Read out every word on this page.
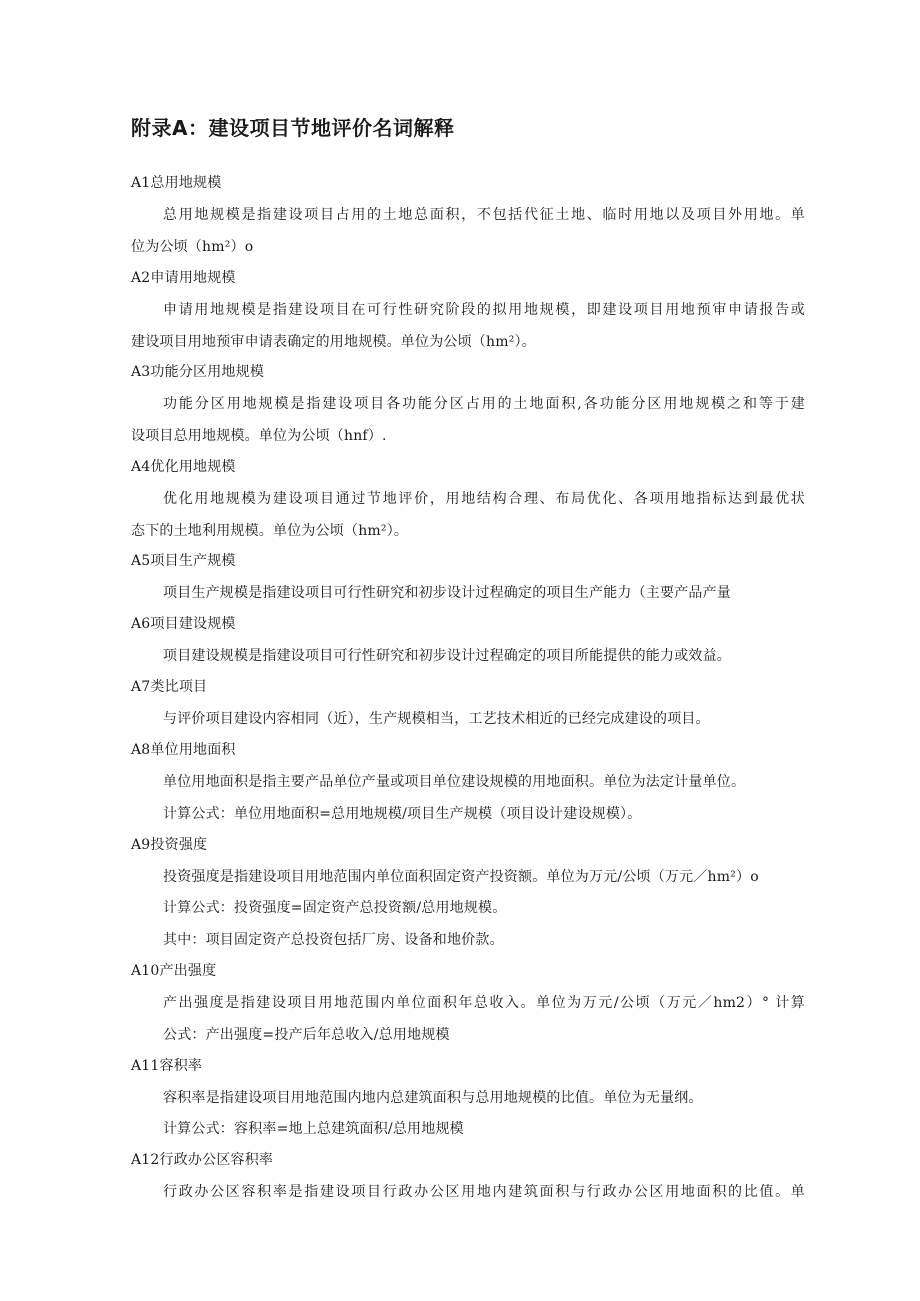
附录A：建设项目节地评价名词解释
A1总用地规模
总用地规模是指建设项目占用的土地总面积，不包括代征土地、临时用地以及项目外用地。单
位为公顷（hm²）o
A2申请用地规模
申请用地规模是指建设项目在可行性研究阶段的拟用地规模，即建设项目用地预审申请报告或
建设项目用地预审申请表确定的用地规模。单位为公顷（hm²）。
A3功能分区用地规模
功能分区用地规模是指建设项目各功能分区占用的土地面积,各功能分区用地规模之和等于建
设项目总用地规模。单位为公顷（hnf）.
A4优化用地规模
优化用地规模为建设项目通过节地评价，用地结构合理、布局优化、各项用地指标达到最优状
态下的土地利用规模。单位为公顷（hm²）。
A5项目生产规模
项目生产规模是指建设项目可行性研究和初步设计过程确定的项目生产能力（主要产品产量
A6项目建设规模
项目建设规模是指建设项目可行性研究和初步设计过程确定的项目所能提供的能力或效益。
A7类比项目
与评价项目建设内容相同（近），生产规模相当，工艺技术相近的已经完成建设的项目。
A8单位用地面积
单位用地面积是指主要产品单位产量或项目单位建设规模的用地面积。单位为法定计量单位。
计算公式：单位用地面积=总用地规模/项目生产规模（项目设计建设规模）。
A9投资强度
投资强度是指建设项目用地范围内单位面积固定资产投资额。单位为万元/公顷（万元／hm²）o
计算公式：投资强度=固定资产总投资额/总用地规模。
其中：项目固定资产总投资包括厂房、设备和地价款。
A10产出强度
产出强度是指建设项目用地范围内单位面积年总收入。单位为万元/公顷（万元／hm2）° 计算
公式：产出强度=投产后年总收入/总用地规模
A11容积率
容积率是指建设项目用地范围内地内总建筑面积与总用地规模的比值。单位为无量纲。
计算公式：容积率=地上总建筑面积/总用地规模
A12行政办公区容积率
行政办公区容积率是指建设项目行政办公区用地内建筑面积与行政办公区用地面积的比值。单
